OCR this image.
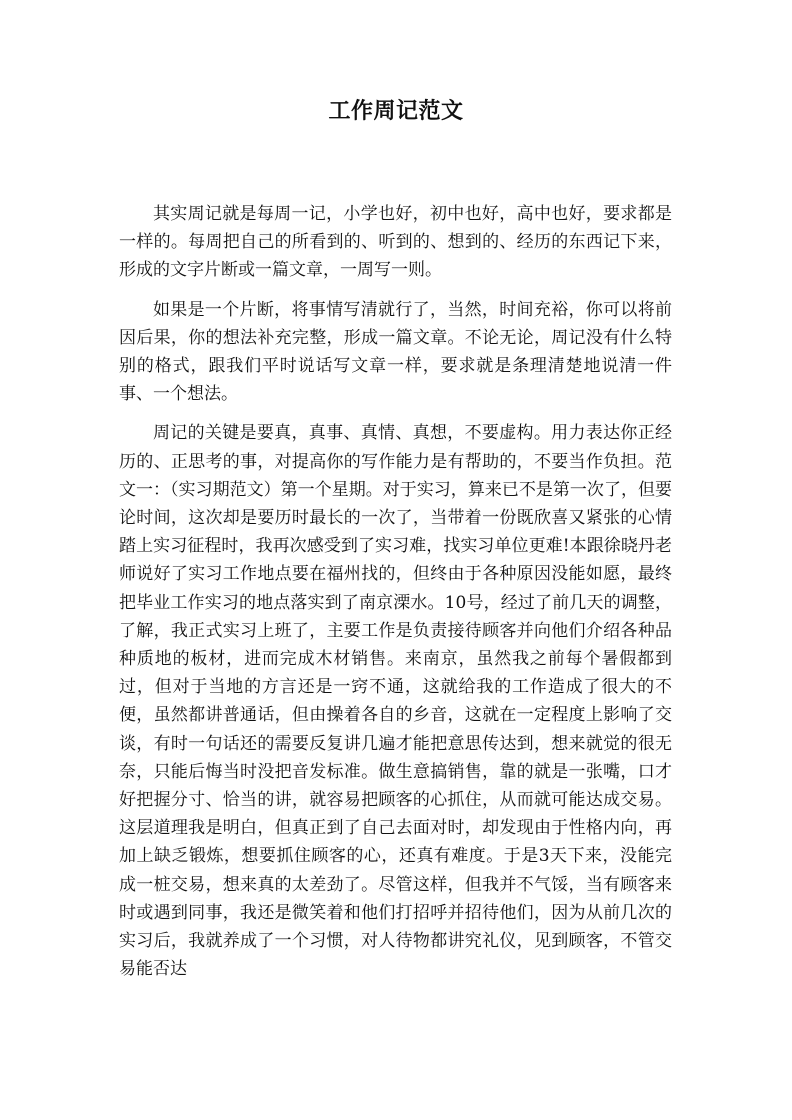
工作周记范文

其实周记就是每周一记，小学也好，初中也好，高中也好，要求都是一样的。每周把自己的所看到的、听到的、想到的、经历的东西记下来，形成的文字片断或一篇文章，一周写一则。

如果是一个片断，将事情写清就行了，当然，时间充裕，你可以将前因后果，你的想法补充完整，形成一篇文章。不论无论，周记没有什么特别的格式，跟我们平时说话写文章一样，要求就是条理清楚地说清一件事、一个想法。

周记的关键是要真，真事、真情、真想，不要虚构。用力表达你正经历的、正思考的事，对提高你的写作能力是有帮助的，不要当作负担。范文一：（实习期范文）第一个星期。对于实习，算来已不是第一次了，但要论时间，这次却是要历时最长的一次了，当带着一份既欣喜又紧张的心情踏上实习征程时，我再次感受到了实习难，找实习单位更难!本跟徐晓丹老师说好了实习工作地点要在福州找的，但终由于各种原因没能如愿，最终把毕业工作实习的地点落实到了南京溧水。10号，经过了前几天的调整，了解，我正式实习上班了，主要工作是负责接待顾客并向他们介绍各种品种质地的板材，进而完成木材销售。来南京，虽然我之前每个暑假都到过，但对于当地的方言还是一窍不通，这就给我的工作造成了很大的不便，虽然都讲普通话，但由操着各自的乡音，这就在一定程度上影响了交谈，有时一句话还的需要反复讲几遍才能把意思传达到，想来就觉的很无奈，只能后悔当时没把音发标准。做生意搞销售，靠的就是一张嘴，口才好把握分寸、恰当的讲，就容易把顾客的心抓住，从而就可能达成交易。这层道理我是明白，但真正到了自己去面对时，却发现由于性格内向，再加上缺乏锻炼，想要抓住顾客的心，还真有难度。于是3天下来，没能完成一桩交易，想来真的太差劲了。尽管这样，但我并不气馁，当有顾客来时或遇到同事，我还是微笑着和他们打招呼并招待他们，因为从前几次的实习后，我就养成了一个习惯，对人待物都讲究礼仪，见到顾客，不管交易能否达
